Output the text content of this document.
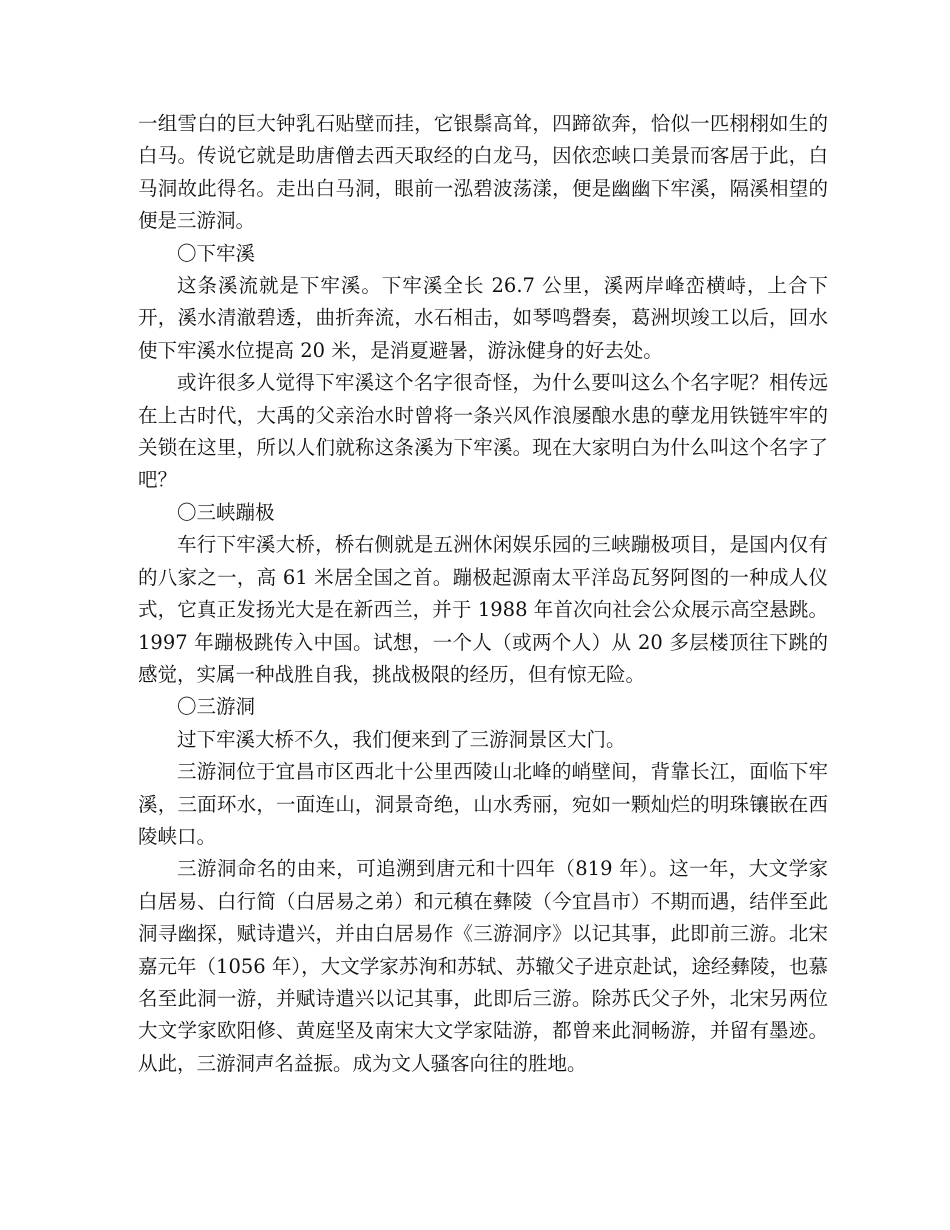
一组雪白的巨大钟乳石贴壁而挂，它银鬃高耸，四蹄欲奔，恰似一匹栩栩如生的白马。传说它就是助唐僧去西天取经的白龙马，因依恋峡口美景而客居于此，白马洞故此得名。走出白马洞，眼前一泓碧波荡漾，便是幽幽下牢溪，隔溪相望的便是三游洞。

〇下牢溪

这条溪流就是下牢溪。下牢溪全长 26.7 公里，溪两岸峰峦横峙，上合下开，溪水清澈碧透，曲折奔流，水石相击，如琴鸣磬奏，葛洲坝竣工以后，回水使下牢溪水位提高 20 米，是消夏避暑，游泳健身的好去处。

或许很多人觉得下牢溪这个名字很奇怪，为什么要叫这么个名字呢？相传远在上古时代，大禹的父亲治水时曾将一条兴风作浪屡酿水患的孽龙用铁链牢牢的关锁在这里，所以人们就称这条溪为下牢溪。现在大家明白为什么叫这个名字了吧？

〇三峡蹦极

车行下牢溪大桥，桥右侧就是五洲休闲娱乐园的三峡蹦极项目，是国内仅有的八家之一，高 61 米居全国之首。蹦极起源南太平洋岛瓦努阿图的一种成人仪式，它真正发扬光大是在新西兰，并于 1988 年首次向社会公众展示高空悬跳。1997 年蹦极跳传入中国。试想，一个人（或两个人）从 20 多层楼顶往下跳的感觉，实属一种战胜自我，挑战极限的经历，但有惊无险。

〇三游洞

过下牢溪大桥不久，我们便来到了三游洞景区大门。

三游洞位于宜昌市区西北十公里西陵山北峰的峭壁间，背靠长江，面临下牢溪，三面环水，一面连山，洞景奇绝，山水秀丽，宛如一颗灿烂的明珠镶嵌在西陵峡口。

三游洞命名的由来，可追溯到唐元和十四年（819 年）。这一年，大文学家白居易、白行简（白居易之弟）和元稹在彝陵（今宜昌市）不期而遇，结伴至此洞寻幽探，赋诗遣兴，并由白居易作《三游洞序》以记其事，此即前三游。北宋嘉元年（1056 年），大文学家苏洵和苏轼、苏辙父子进京赴试，途经彝陵，也慕名至此洞一游，并赋诗遣兴以记其事，此即后三游。除苏氏父子外，北宋另两位大文学家欧阳修、黄庭坚及南宋大文学家陆游，都曾来此洞畅游，并留有墨迹。从此，三游洞声名益振。成为文人骚客向往的胜地。
